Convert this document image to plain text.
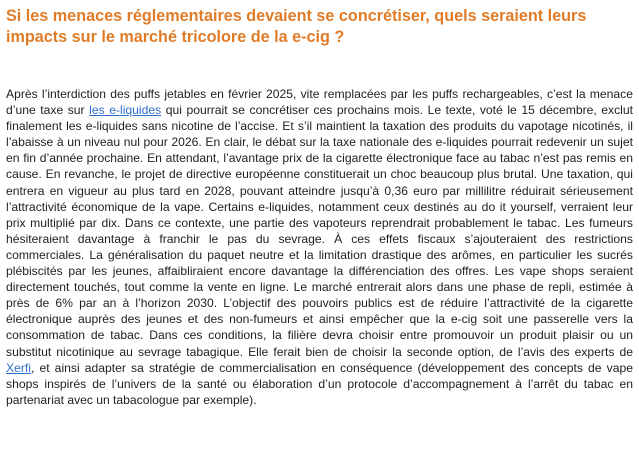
Si les menaces réglementaires devaient se concrétiser, quels seraient leurs impacts sur le marché tricolore de la e-cig ?

Après l’interdiction des puffs jetables en février 2025, vite remplacées par les puffs rechargeables, c’est la menace d’une taxe sur les e-liquides qui pourrait se concrétiser ces prochains mois. Le texte, voté le 15 décembre, exclut finalement les e-liquides sans nicotine de l’accise. Et s’il maintient la taxation des produits du vapotage nicotinés, il l’abaisse à un niveau nul pour 2026. En clair, le débat sur la taxe nationale des e-liquides pourrait redevenir un sujet en fin d’année prochaine. En attendant, l’avantage prix de la cigarette électronique face au tabac n’est pas remis en cause. En revanche, le projet de directive européenne constituerait un choc beaucoup plus brutal. Une taxation, qui entrera en vigueur au plus tard en 2028, pouvant atteindre jusqu’à 0,36 euro par millilitre réduirait sérieusement l’attractivité économique de la vape. Certains e-liquides, notamment ceux destinés au do it yourself, verraient leur prix multiplié par dix. Dans ce contexte, une partie des vapoteurs reprendrait probablement le tabac. Les fumeurs hésiteraient davantage à franchir le pas du sevrage. À ces effets fiscaux s’ajouteraient des restrictions commerciales. La généralisation du paquet neutre et la limitation drastique des arômes, en particulier les sucrés plébiscités par les jeunes, affaibliraient encore davantage la différenciation des offres. Les vape shops seraient directement touchés, tout comme la vente en ligne. Le marché entrerait alors dans une phase de repli, estimée à près de 6% par an à l’horizon 2030. L’objectif des pouvoirs publics est de réduire l’attractivité de la cigarette électronique auprès des jeunes et des non-fumeurs et ainsi empêcher que la e-cig soit une passerelle vers la consommation de tabac. Dans ces conditions, la filière devra choisir entre promouvoir un produit plaisir ou un substitut nicotinique au sevrage tabagique. Elle ferait bien de choisir la seconde option, de l’avis des experts de Xerfi, et ainsi adapter sa stratégie de commercialisation en conséquence (développement des concepts de vape shops inspirés de l’univers de la santé ou élaboration d’un protocole d’accompagnement à l’arrêt du tabac en partenariat avec un tabacologue par exemple).
